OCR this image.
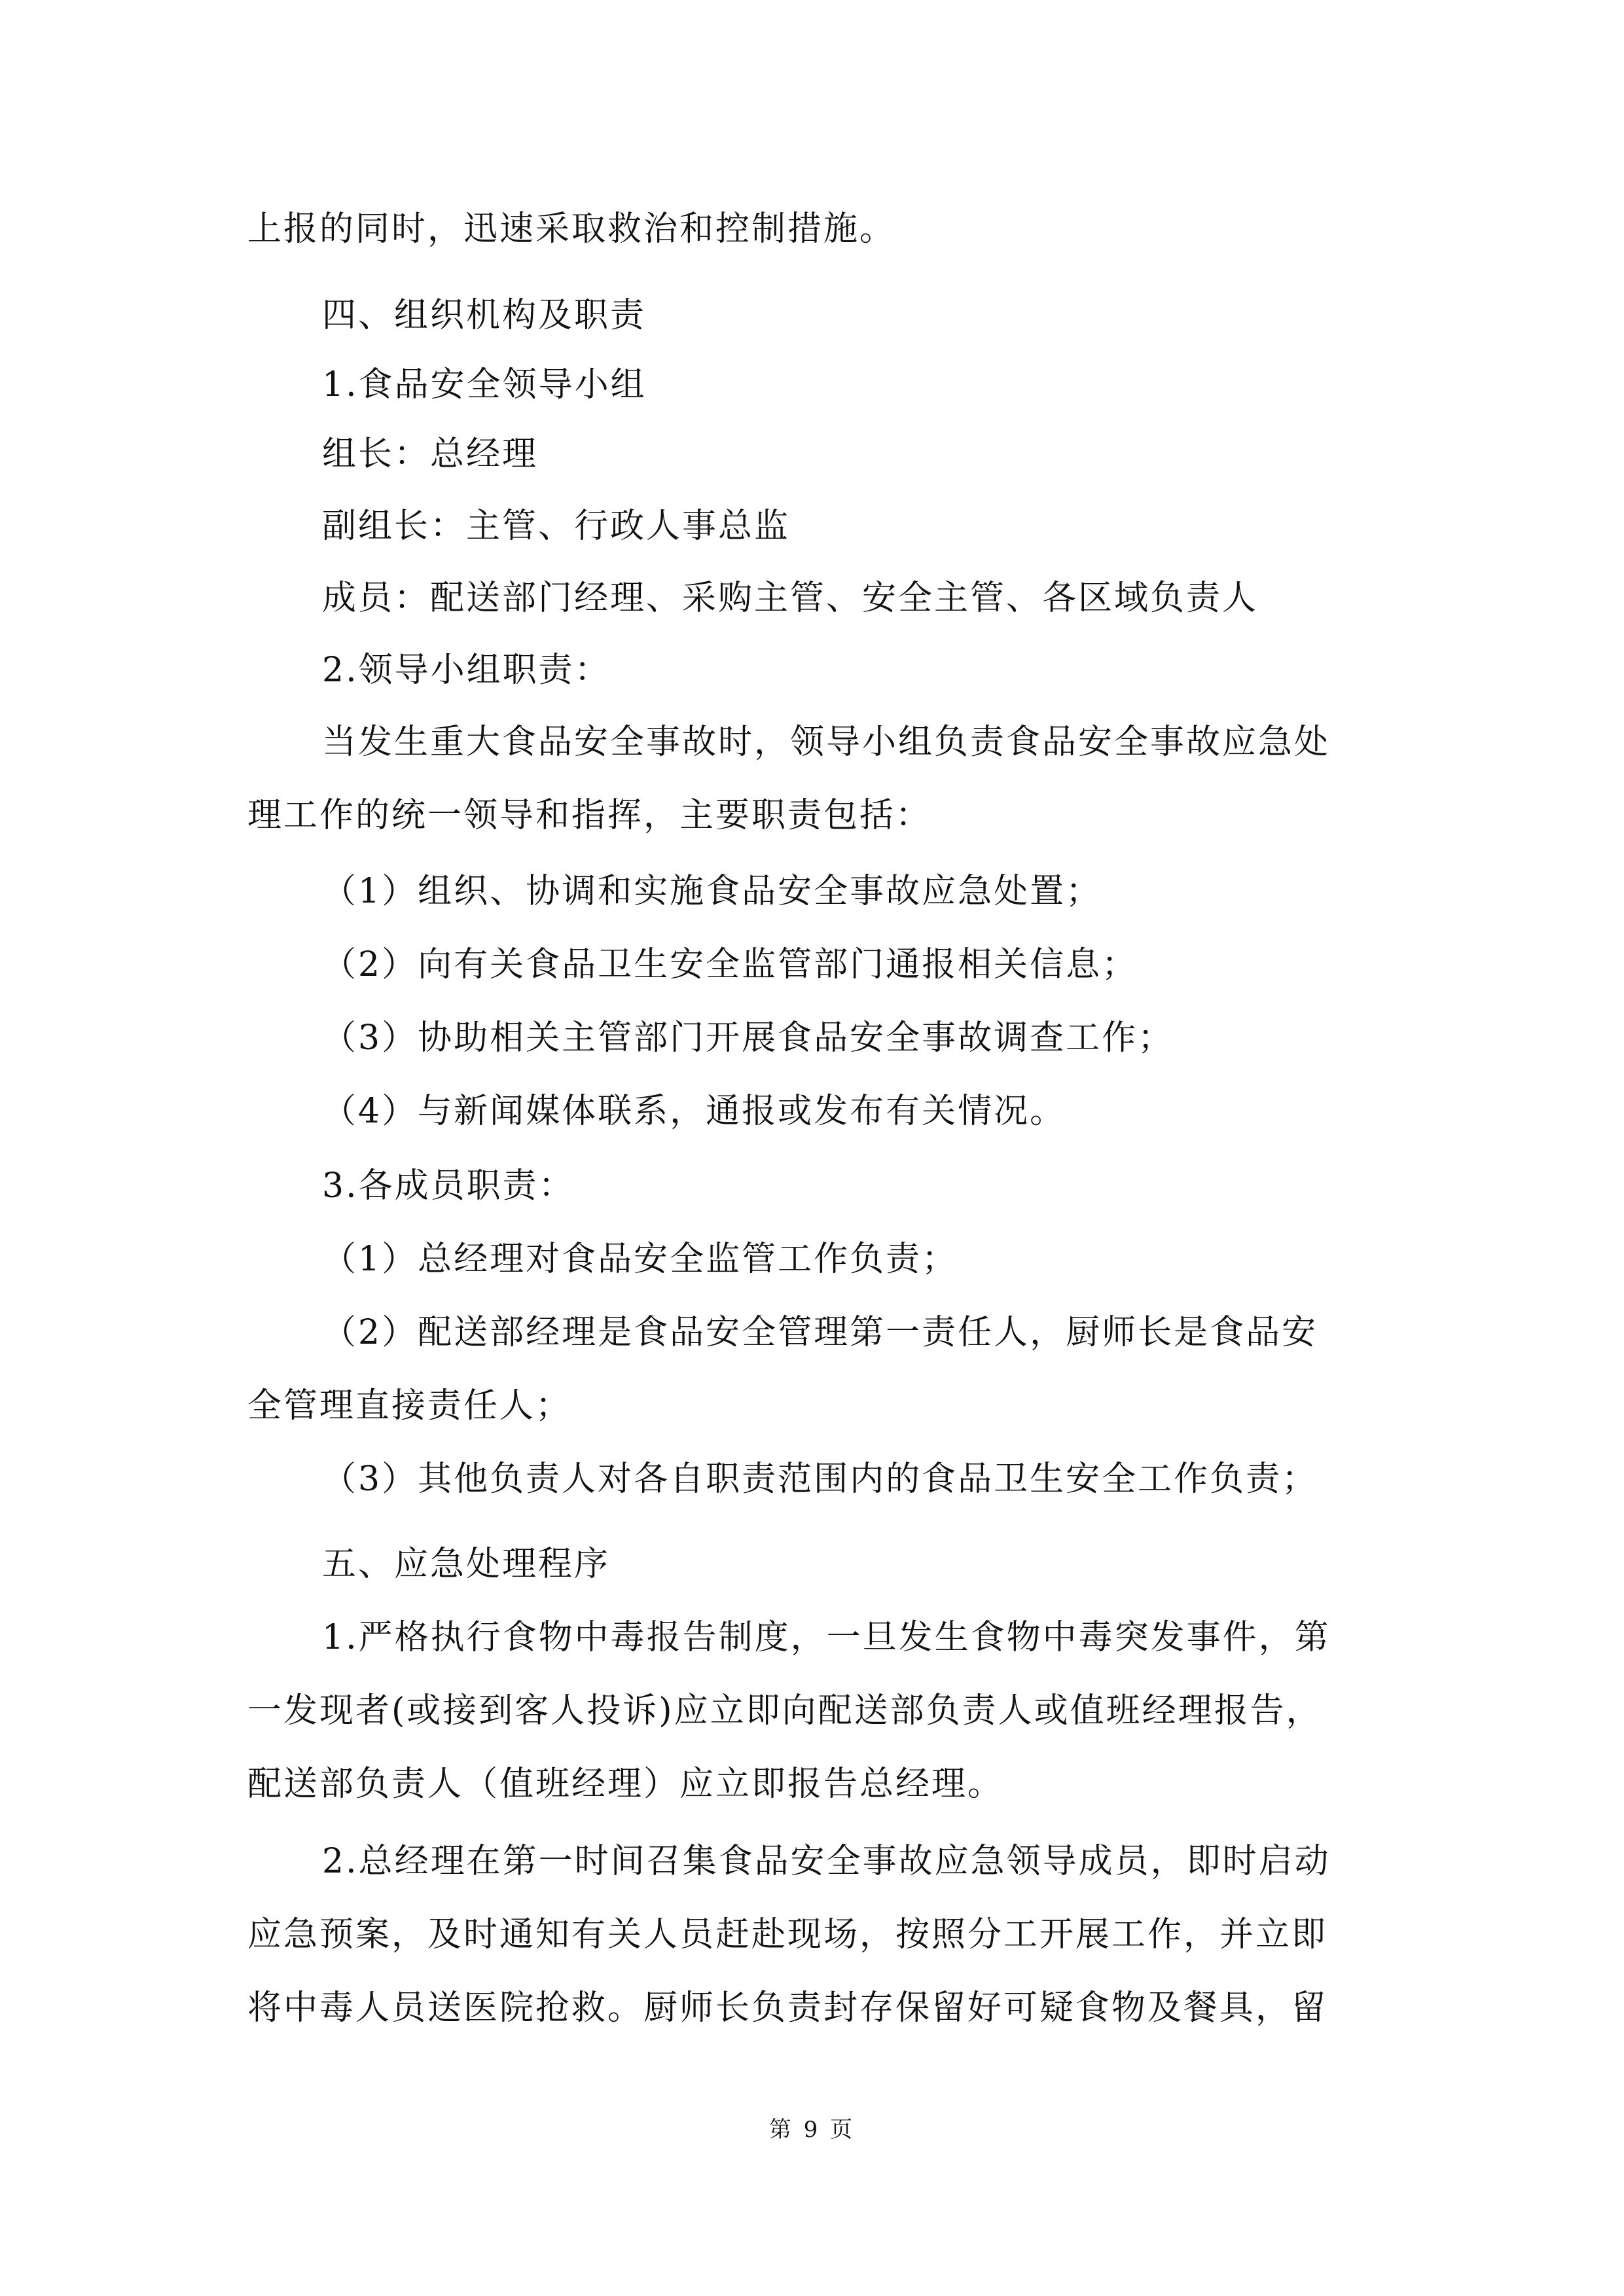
上报的同时，迅速采取救治和控制措施。
四、组织机构及职责
1.食品安全领导小组
组长：总经理
副组长：主管、行政人事总监
成员：配送部门经理、采购主管、安全主管、各区域负责人
2.领导小组职责：
当发生重大食品安全事故时，领导小组负责食品安全事故应急处
理工作的统一领导和指挥，主要职责包括：
（1）组织、协调和实施食品安全事故应急处置；
（2）向有关食品卫生安全监管部门通报相关信息；
（3）协助相关主管部门开展食品安全事故调查工作；
（4）与新闻媒体联系，通报或发布有关情况。
3.各成员职责：
（1）总经理对食品安全监管工作负责；
（2）配送部经理是食品安全管理第一责任人，厨师长是食品安
全管理直接责任人；
（3）其他负责人对各自职责范围内的食品卫生安全工作负责；
五、应急处理程序
1.严格执行食物中毒报告制度，一旦发生食物中毒突发事件，第
一发现者(或接到客人投诉)应立即向配送部负责人或值班经理报告，
配送部负责人（值班经理）应立即报告总经理。
2.总经理在第一时间召集食品安全事故应急领导成员，即时启动
应急预案，及时通知有关人员赶赴现场，按照分工开展工作，并立即
将中毒人员送医院抢救。厨师长负责封存保留好可疑食物及餐具，留
第 9 页
